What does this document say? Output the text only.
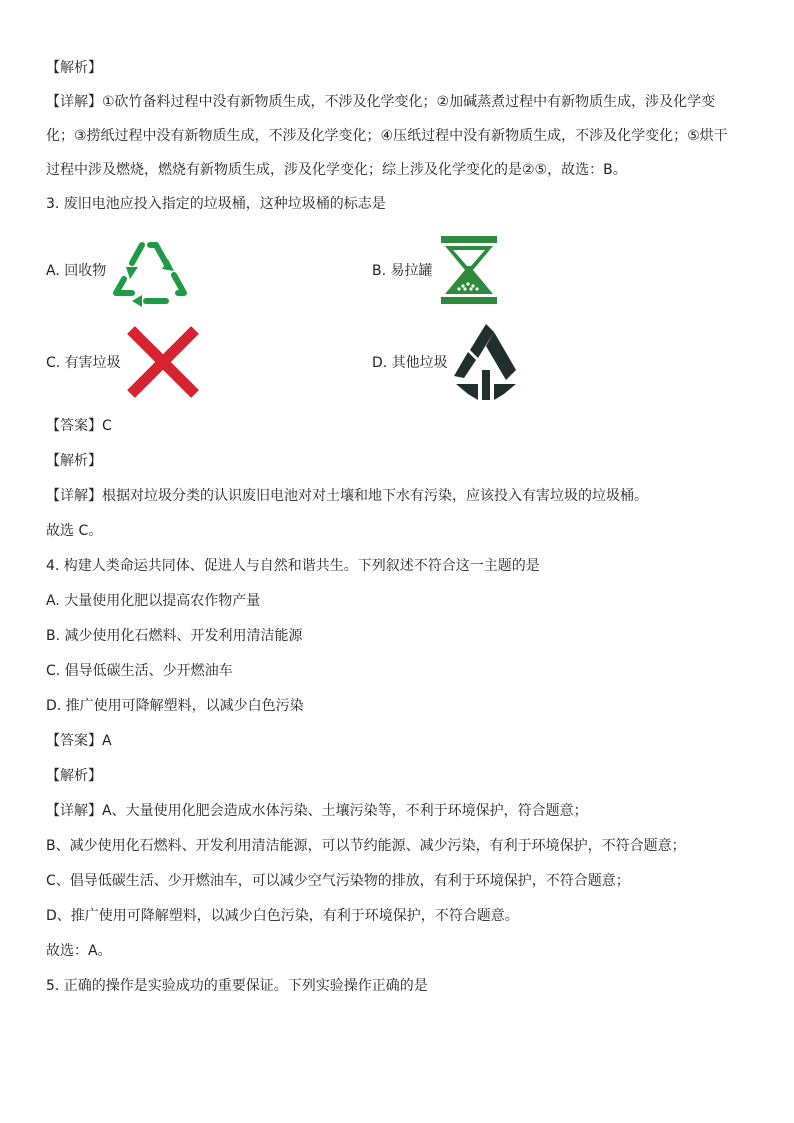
【解析】
【详解】①砍竹备料过程中没有新物质生成，不涉及化学变化；②加碱蒸煮过程中有新物质生成，涉及化学变
化；③捞纸过程中没有新物质生成，不涉及化学变化；④压纸过程中没有新物质生成，不涉及化学变化；⑤烘干
过程中涉及燃烧，燃烧有新物质生成，涉及化学变化；综上涉及化学变化的是②⑤，故选：B。
3. 废旧电池应投入指定的垃圾桶，这种垃圾桶的标志是
A. 回收物	B. 易拉罐
C. 有害垃圾	D. 其他垃圾
【答案】C
【解析】
【详解】根据对垃圾分类的认识废旧电池对对土壤和地下水有污染，应该投入有害垃圾的垃圾桶。
故选 C。
4. 构建人类命运共同体、促进人与自然和谐共生。下列叙述不符合这一主题的是
A. 大量使用化肥以提高农作物产量
B. 减少使用化石燃料、开发利用清洁能源
C. 倡导低碳生活、少开燃油车
D. 推广使用可降解塑料，以减少白色污染
【答案】A
【解析】
【详解】A、大量使用化肥会造成水体污染、土壤污染等，不利于环境保护，符合题意；
B、减少使用化石燃料、开发利用清洁能源，可以节约能源、减少污染，有利于环境保护，不符合题意；
C、倡导低碳生活、少开燃油车，可以减少空气污染物的排放，有利于环境保护，不符合题意；
D、推广使用可降解塑料，以减少白色污染，有利于环境保护，不符合题意。
故选：A。
5. 正确的操作是实验成功的重要保证。下列实验操作正确的是
